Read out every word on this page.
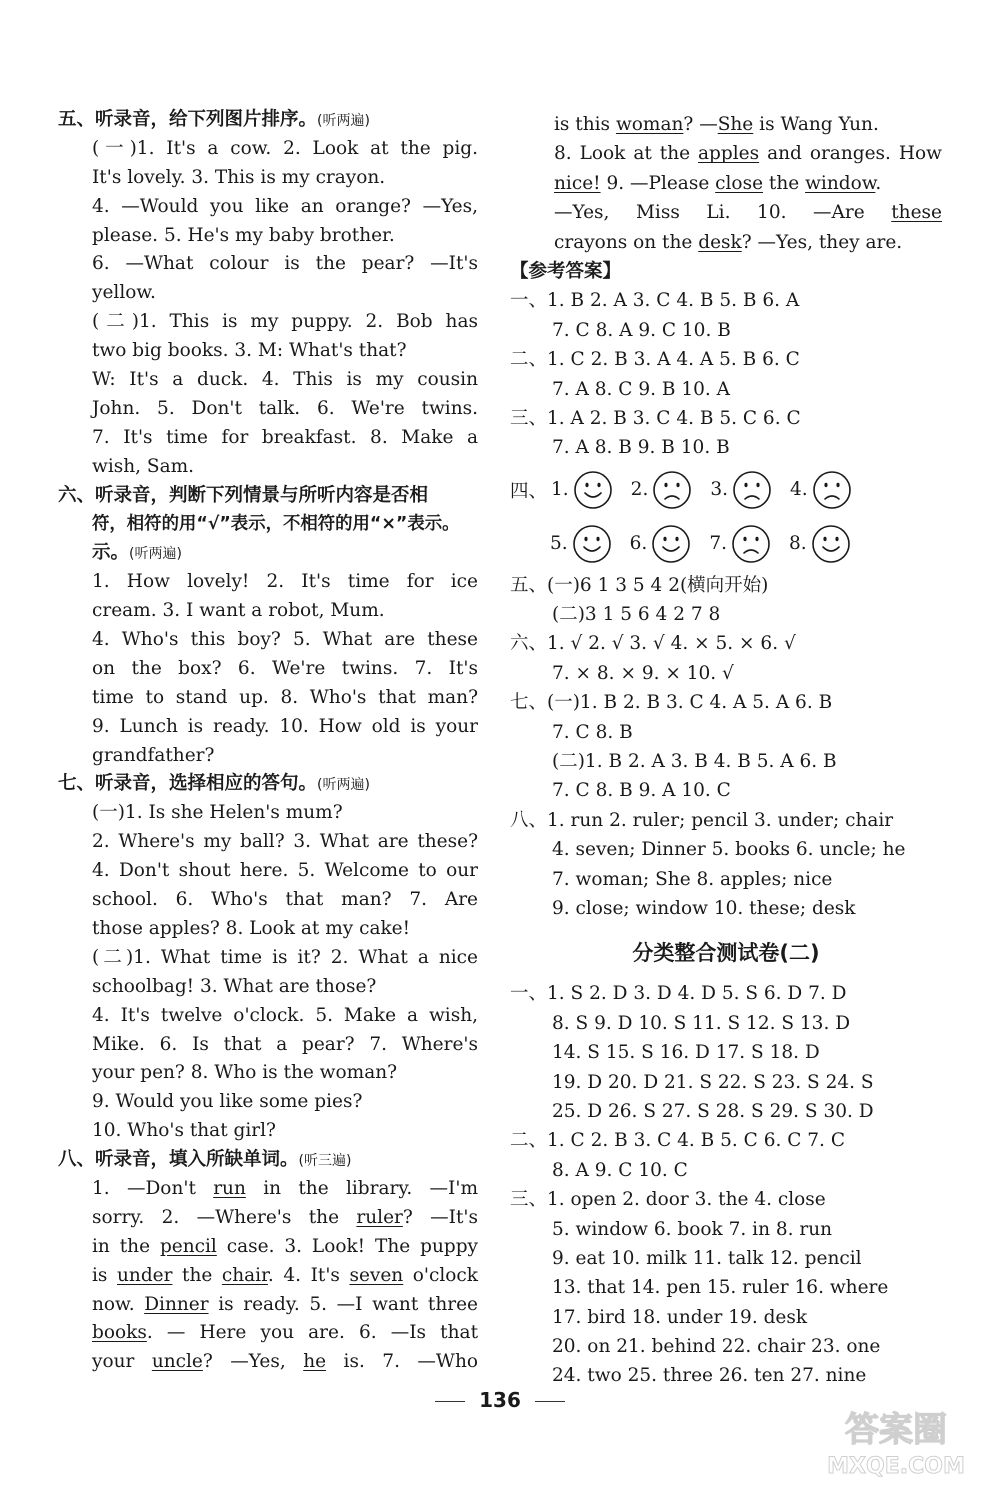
五、听录音，给下列图片排序。(听两遍)
(一)1. It's a cow. 2. Look at the pig.
It's lovely. 3. This is my crayon.
4. —Would you like an orange? —Yes,
please. 5. He's my baby brother.
6. —What colour is the pear? —It's
yellow.
(二)1. This is my puppy. 2. Bob has
two big books. 3. M: What's that?
W: It's a duck. 4. This is my cousin
John. 5. Don't talk. 6. We're twins.
7. It's time for breakfast. 8. Make a
wish, Sam.
六、听录音，判断下列情景与所听内容是否相
符，相符的用“√”表示，不相符的用“×”表示。
示。(听两遍)
1. How lovely! 2. It's time for ice
cream. 3. I want a robot, Mum.
4. Who's this boy? 5. What are these
on the box? 6. We're twins. 7. It's
time to stand up. 8. Who's that man?
9. Lunch is ready. 10. How old is your
grandfather?
七、听录音，选择相应的答句。(听两遍)
(一)1. Is she Helen's mum?
2. Where's my ball? 3. What are these?
4. Don't shout here. 5. Welcome to our
school. 6. Who's that man? 7. Are
those apples? 8. Look at my cake!
(二)1. What time is it? 2. What a nice
schoolbag! 3. What are those?
4. It's twelve o'clock. 5. Make a wish,
Mike. 6. Is that a pear? 7. Where's
your pen? 8. Who is the woman?
9. Would you like some pies?
10. Who's that girl?
八、听录音，填入所缺单词。(听三遍)
1. —Don't run in the library. —I'm
sorry. 2. —Where's the ruler? —It's
in the pencil case. 3. Look! The puppy
is under the chair. 4. It's seven o'clock
now. Dinner is ready. 5. —I want three
books. — Here you are. 6. —Is that
your uncle? —Yes, he is. 7. —Who
is this woman? —She is Wang Yun.
8. Look at the apples and oranges. How
nice! 9. —Please close the window.
—Yes, Miss Li. 10. —Are these
crayons on the desk? —Yes, they are.
【参考答案】
一、1. B 2. A 3. C 4. B 5. B 6. A
7. C 8. A 9. C 10. B
二、1. C 2. B 3. A 4. A 5. B 6. C
7. A 8. C 9. B 10. A
三、1. A 2. B 3. C 4. B 5. C 6. C
7. A 8. B 9. B 10. B
四、 1.	2.	3.	4.
5.	6.	7.	8.
五、(一)6 1 3 5 4 2(横向开始)
(二)3 1 5 6 4 2 7 8
六、1. √ 2. √ 3. √ 4. × 5. × 6. √
7. × 8. × 9. × 10. √
七、(一)1. B 2. B 3. C 4. A 5. A 6. B
7. C 8. B
(二)1. B 2. A 3. B 4. B 5. A 6. B
7. C 8. B 9. A 10. C
八、1. run 2. ruler; pencil 3. under; chair
4. seven; Dinner 5. books 6. uncle; he
7. woman; She 8. apples; nice
9. close; window 10. these; desk
分类整合测试卷(二)
一、1. S 2. D 3. D 4. D 5. S 6. D 7. D
8. S 9. D 10. S 11. S 12. S 13. D
14. S 15. S 16. D 17. S 18. D
19. D 20. D 21. S 22. S 23. S 24. S
25. D 26. S 27. S 28. S 29. S 30. D
二、1. C 2. B 3. C 4. B 5. C 6. C 7. C
8. A 9. C 10. C
三、1. open 2. door 3. the 4. close
5. window 6. book 7. in 8. run
9. eat 10. milk 11. talk 12. pencil
13. that 14. pen 15. ruler 16. where
17. bird 18. under 19. desk
20. on 21. behind 22. chair 23. one
24. two 25. three 26. ten 27. nine
136
答案圈
MXQE.COM
